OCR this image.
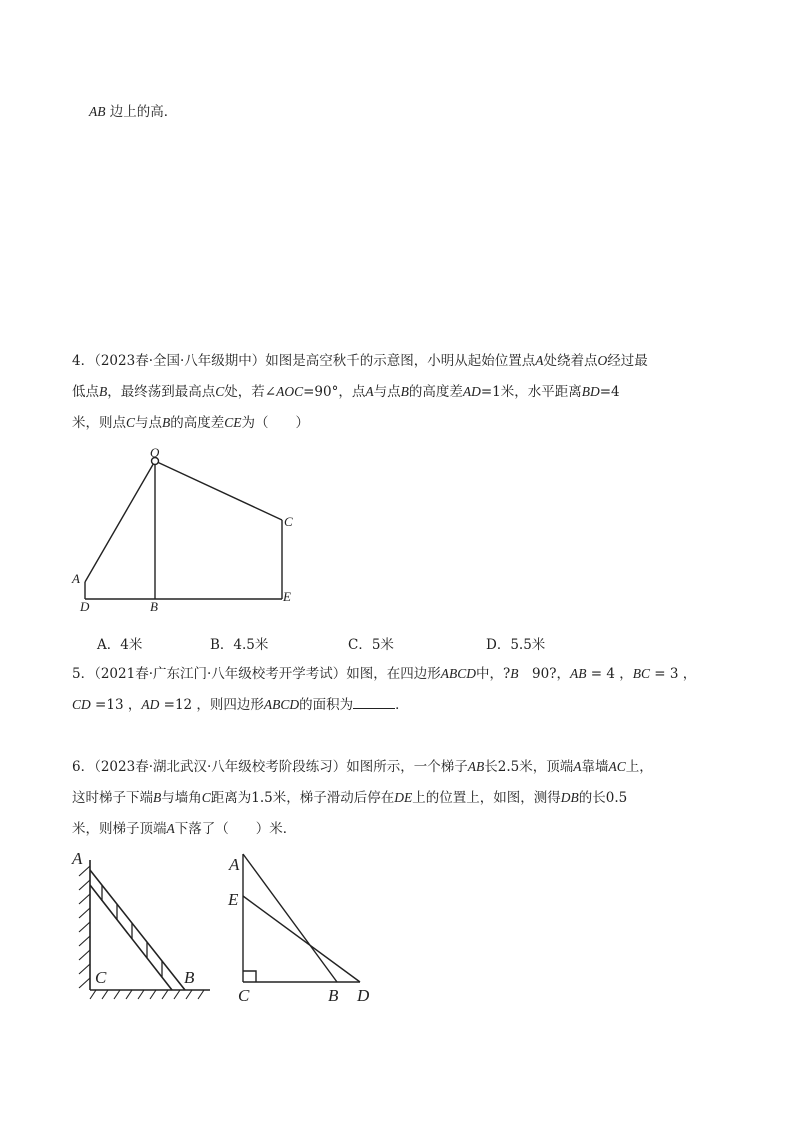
AB 边上的高．
4．（2023春·全国·八年级期中）如图是高空秋千的示意图，小明从起始位置点A处绕着点O经过最
低点B，最终荡到最高点C处，若∠AOC=90°，点A与点B的高度差AD=1米，水平距离BD=4
米，则点C与点B的高度差CE为（　　）
O
A
C
D	B
E
A．4米	B．4.5米	C．5米	D．5.5米
5．（2021春·广东江门·八年级校考开学考试）如图，在四边形ABCD中，?B　90?，AB = 4 ，BC = 3 ，
CD =13 ，AD =12 ，则四边形ABCD的面积为	．
6．（2023春·湖北武汉·八年级校考阶段练习）如图所示，一个梯子AB长2.5米，顶端A靠墙AC上，
这时梯子下端B与墙角C距离为1.5米，梯子滑动后停在DE上的位置上，如图，测得DB的长0.5
米，则梯子顶端A下落了（　　）米．
A
C	B
A
E
C	B D
